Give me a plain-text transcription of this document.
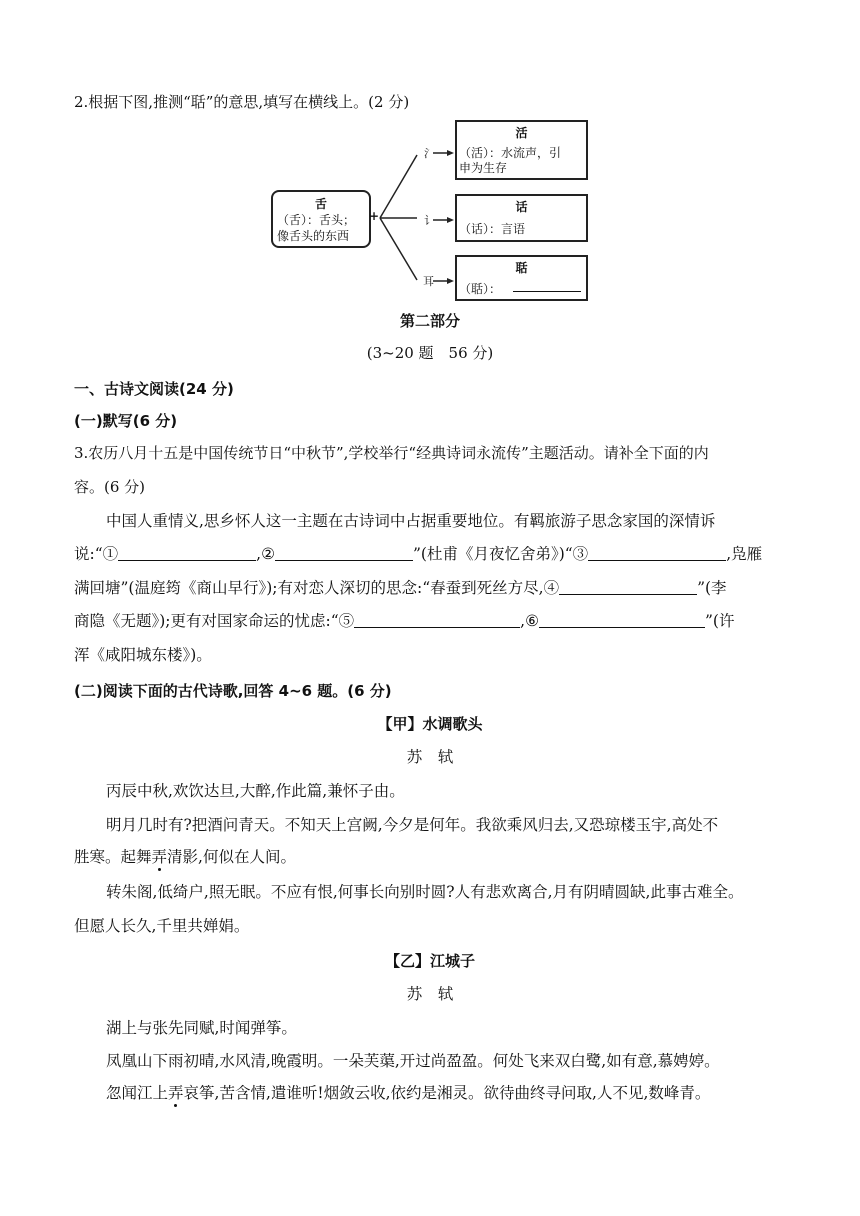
2.根据下图,推测“聒”的意思,填写在横线上。(2 分)
舌
（舌）：舌头；
像舌头的东西
+
氵
讠
耳
活
（活）：水流声，引
申为生存
话
（话）：言语
聒
（聒）：
第二部分
(3~20 题　56 分)
一、古诗文阅读(24 分)
(一)默写(6 分)
3.农历八月十五是中国传统节日“中秋节”,学校举行“经典诗词永流传”主题活动。请补全下面的内
容。(6 分)
中国人重情义,思乡怀人这一主题在古诗词中占据重要地位。有羁旅游子思念家国的深情诉
说:“①	,②	”(杜甫《月夜忆舍弟》)“③	,凫雁
满回塘”(温庭筠《商山早行》);有对恋人深切的思念:“春蚕到死丝方尽,④	”(李
商隐《无题》);更有对国家命运的忧虑:“⑤	,⑥	”(许
浑《咸阳城东楼》)。
(二)阅读下面的古代诗歌,回答 4~6 题。(6 分)
【甲】水调歌头
苏　轼
丙辰中秋,欢饮达旦,大醉,作此篇,兼怀子由。
明月几时有?把酒问青天。不知天上宫阙,今夕是何年。我欲乘风归去,又恐琼楼玉宇,高处不
胜寒。起舞弄清影,何似在人间。
转朱阁,低绮户,照无眠。不应有恨,何事长向别时圆?人有悲欢离合,月有阴晴圆缺,此事古难全。
但愿人长久,千里共婵娟。
【乙】江城子
苏　轼
湖上与张先同赋,时闻弹筝。
凤凰山下雨初晴,水风清,晚霞明。一朵芙蕖,开过尚盈盈。何处飞来双白鹭,如有意,慕娉婷。
忽闻江上弄哀筝,苦含情,遣谁听!烟敛云收,依约是湘灵。欲待曲终寻问取,人不见,数峰青。
